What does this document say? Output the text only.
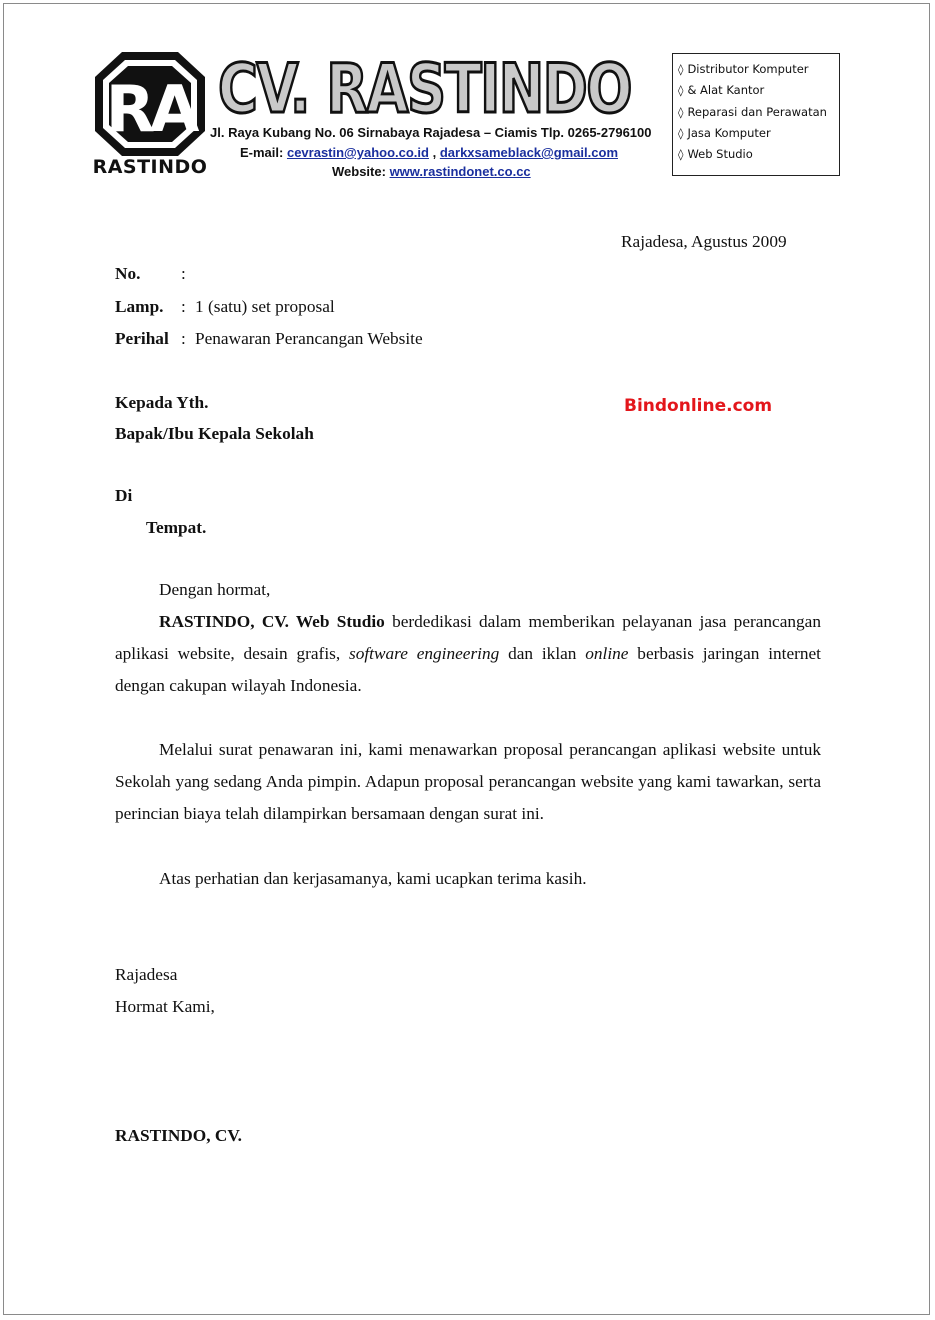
RA
RASTINDO
CV. RASTINDO
Jl. Raya Kubang No. 06 Sirnabaya Rajadesa – Ciamis Tlp. 0265-2796100
E-mail: cevrastin@yahoo.co.id , darkxsameblack@gmail.com
Website: www.rastindonet.co.cc
◊ Distributor Komputer
◊ & Alat Kantor
◊ Reparasi dan Perawatan
◊ Jasa Komputer
◊ Web Studio
Rajadesa, Agustus 2009
No. :
Lamp. : 1 (satu) set proposal
Perihal : Penawaran Perancangan Website
Kepada Yth.
Bapak/Ibu Kepala Sekolah
Bindonline.com
Di
Tempat.
Dengan hormat,

RASTINDO, CV. Web Studio berdedikasi dalam memberikan pelayanan jasa perancangan aplikasi website, desain grafis, software engineering dan iklan online berbasis jaringan internet dengan cakupan wilayah Indonesia.

Melalui surat penawaran ini, kami menawarkan proposal perancangan aplikasi website untuk Sekolah yang sedang Anda pimpin. Adapun proposal perancangan website yang kami tawarkan, serta perincian biaya telah dilampirkan bersamaan dengan surat ini.

Atas perhatian dan kerjasamanya, kami ucapkan terima kasih.

Rajadesa
Hormat Kami,
RASTINDO, CV.
